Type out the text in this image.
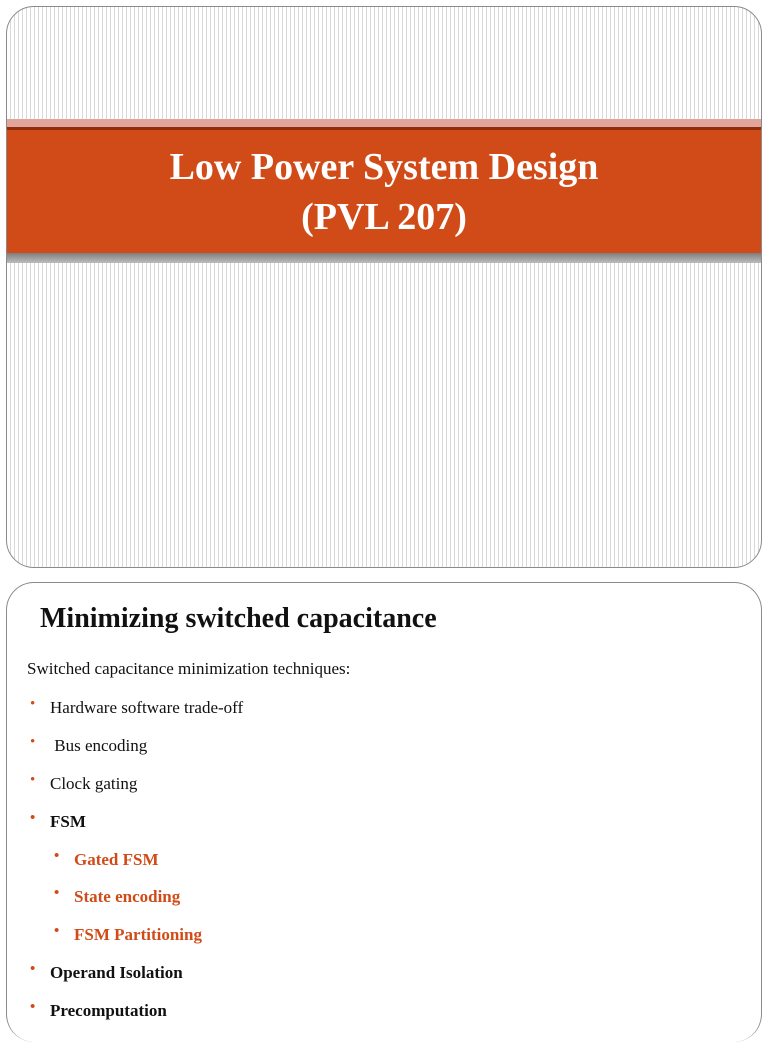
Low Power System Design
(PVL 207)
Minimizing switched capacitance
Switched capacitance minimization techniques:
• Hardware software trade-off
• Bus encoding
• Clock gating
• FSM
• Gated FSM
• State encoding
• FSM Partitioning
• Operand Isolation
• Precomputation
